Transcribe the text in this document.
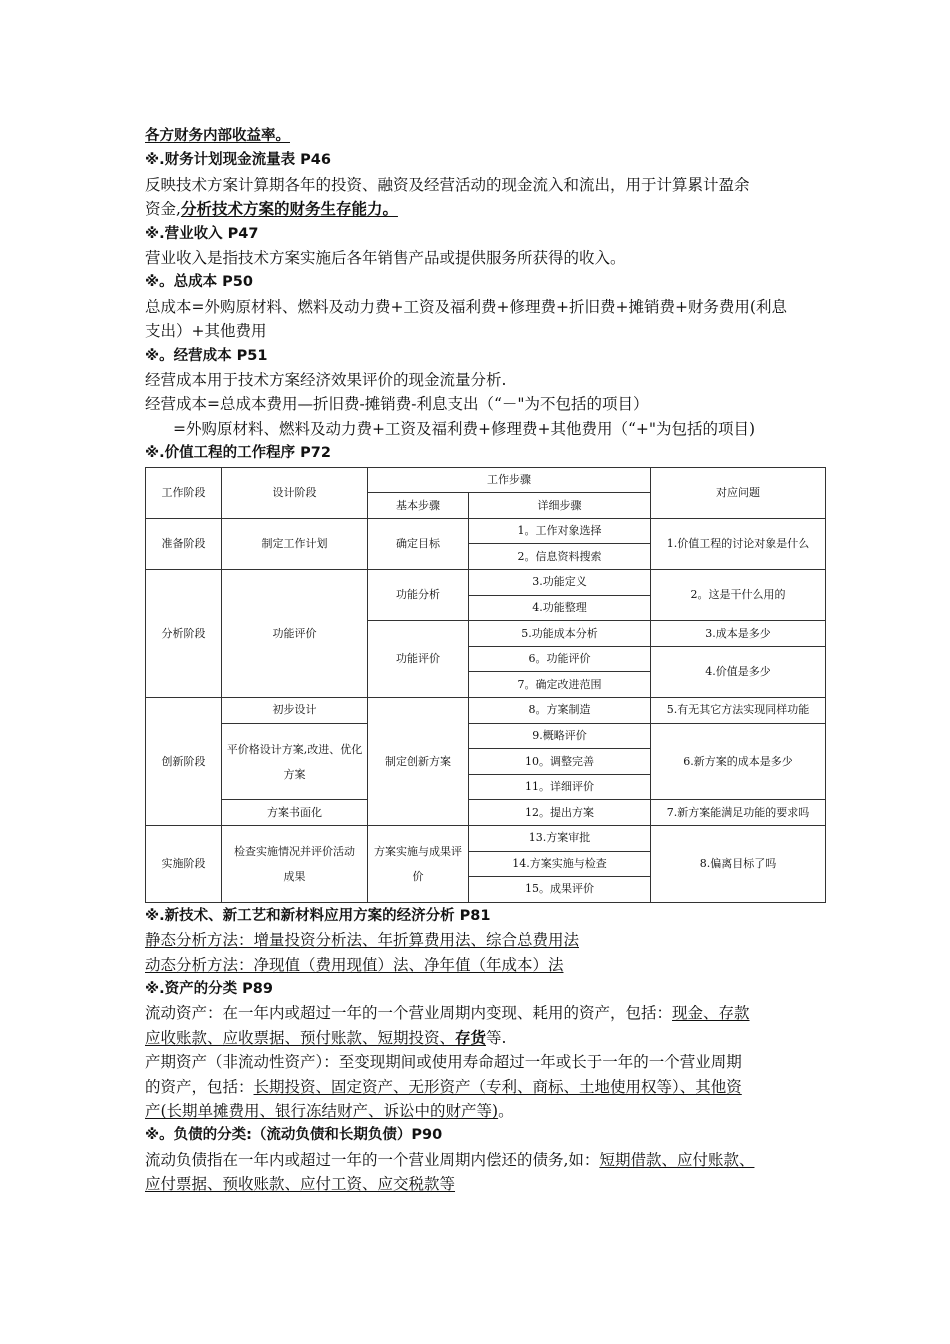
各方财务内部收益率。
※.财务计划现金流量表 P46
反映技术方案计算期各年的投资、融资及经营活动的现金流入和流出，用于计算累计盈余
资金,分析技术方案的财务生存能力。
※.营业收入 P47
营业收入是指技术方案实施后各年销售产品或提供服务所获得的收入。
※。总成本 P50
总成本=外购原材料、燃料及动力费+工资及福利费+修理费+折旧费+摊销费+财务费用(利息
支出）+其他费用
※。经营成本 P51
经营成本用于技术方案经济效果评价的现金流量分析.
经营成本=总成本费用—折旧费-摊销费-利息支出（“－"为不包括的项目）
=外购原材料、燃料及动力费+工资及福利费+修理费+其他费用（“+"为包括的项目)
※.价值工程的工作程序 P72
工作阶段	设计阶段	工作步骤		对应问题
		基本步骤	详细步骤	
准备阶段	制定工作计划	确定目标	1。工作对象选择	1.价值工程的讨论对象是什么
			2。信息资料搜索	
分析阶段	功能评价	功能分析	3.功能定义	2。这是干什么用的
			4.功能整理	
		功能评价	5.功能成本分析	3.成本是多少
			6。功能评价	4.价值是多少
			7。确定改进范围	
创新阶段	初步设计	制定创新方案	8。方案制造	5.有无其它方法实现同样功能
	平价格设计方案,改进、优化方案		9.概略评价	6.新方案的成本是多少
			10。调整完善	
			11。详细评价	
	方案书面化		12。提出方案	7.新方案能满足功能的要求吗
实施阶段	检查实施情况并评价活动成果	方案实施与成果评价	13.方案审批	8.偏离目标了吗
			14.方案实施与检查	
			15。成果评价	
※.新技术、新工艺和新材料应用方案的经济分析 P81
静态分析方法：增量投资分析法、年折算费用法、综合总费用法
动态分析方法：净现值（费用现值）法、净年值（年成本）法
※.资产的分类 P89
流动资产：在一年内或超过一年的一个营业周期内变现、耗用的资产，包括：现金、存款
应收账款、应收票据、预付账款、短期投资、存货等.
产期资产（非流动性资产）：至变现期间或使用寿命超过一年或长于一年的一个营业周期
的资产，包括：长期投资、固定资产、无形资产（专利、商标、土地使用权等）、其他资
产(长期单摊费用、银行冻结财产、诉讼中的财产等)。
※。负债的分类:（流动负债和长期负债）P90
流动负债指在一年内或超过一年的一个营业周期内偿还的债务,如：短期借款、应付账款、
应付票据、预收账款、应付工资、应交税款等
